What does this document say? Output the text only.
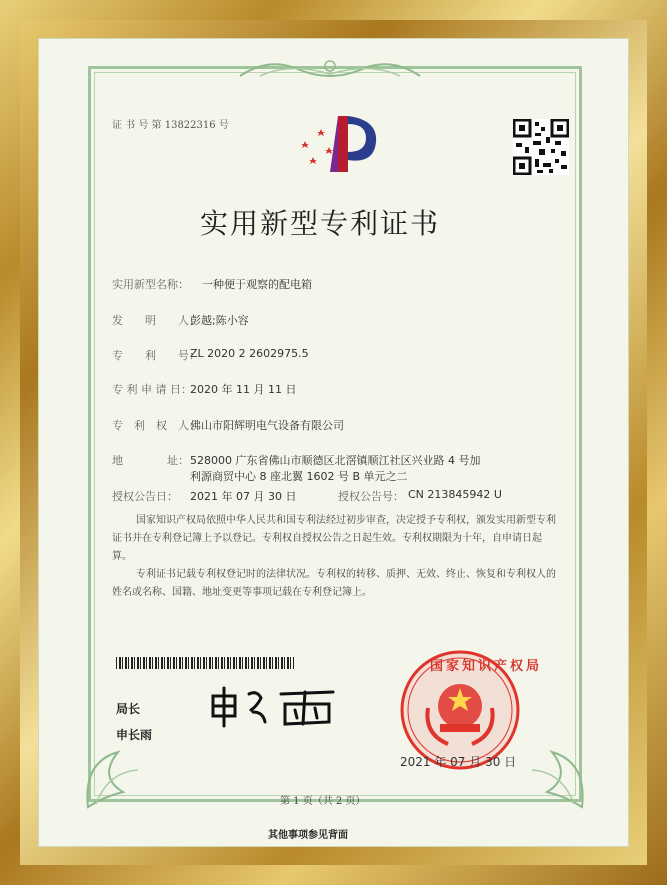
证 书 号 第 13822316 号
实用新型专利证书
实用新型名称： 一种便于观察的配电箱
发　　明　　人：
彭越;陈小容
专　　利　　号：
ZL 2020 2 2602975.5
专 利 申 请 日：
2020 年 11 月 11 日
专　利　权　人：
佛山市阳辉明电气设备有限公司
地　　　　址： 528000 广东省佛山市顺德区北滘镇顺江社区兴业路 4 号加
利源商贸中心 8 座北翼 1602 号 B 单元之二
授权公告日： 2021 年 07 月 30 日	授权公告号： CN 213845942 U
国家知识产权局依照中华人民共和国专利法经过初步审查，决定授予专利权，颁发实用新型专利证书并在专利登记簿上予以登记。专利权自授权公告之日起生效。专利权期限为十年，自申请日起算。
专利证书记载专利权登记时的法律状况。专利权的转移、质押、无效、终止、恢复和专利权人的姓名或名称、国籍、地址变更等事项记载在专利登记簿上。
局长
申长雨
国家知识产权局
2021 年 07 月 30 日
第 1 页（共 2 页）
其他事项参见背面
